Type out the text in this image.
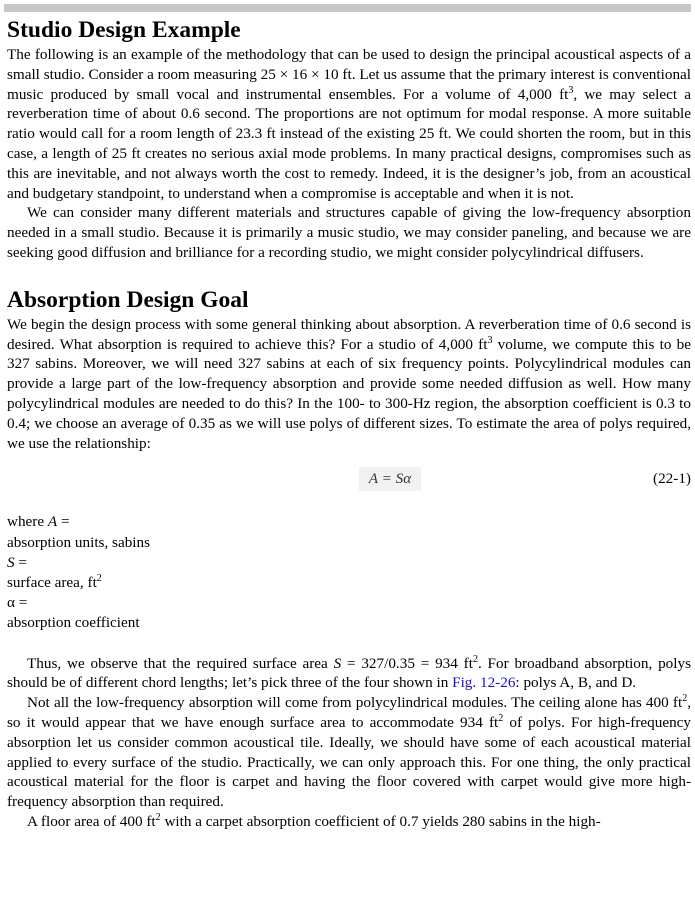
Studio Design Example

The following is an example of the methodology that can be used to design the principal acoustical aspects of a small studio. Consider a room measuring 25 × 16 × 10 ft. Let us assume that the primary interest is conventional music produced by small vocal and instrumental ensembles. For a volume of 4,000 $ft^3$, we may select a reverberation time of about 0.6 second. The proportions are not optimum for modal response. A more suitable ratio would call for a room length of 23.3 ft instead of the existing 25 ft. We could shorten the room, but in this case, a length of 25 ft creates no serious axial mode problems. In many practical designs, compromises such as this are inevitable, and not always worth the cost to remedy. Indeed, it is the designer’s job, from an acoustical and budgetary standpoint, to understand when a compromise is acceptable and when it is not.

We can consider many different materials and structures capable of giving the low-frequency absorption needed in a small studio. Because it is primarily a music studio, we may consider paneling, and because we are seeking good diffusion and brilliance for a recording studio, we might consider polycylindrical diffusers.

Absorption Design Goal

We begin the design process with some general thinking about absorption. A reverberation time of 0.6 second is desired. What absorption is required to achieve this? For a studio of 4,000 $ft^3$ volume, we compute this to be 327 sabins. Moreover, we will need 327 sabins at each of six frequency points. Polycylindrical modules can provide a large part of the low-frequency absorption and provide some needed diffusion as well. How many polycylindrical modules are needed to do this? In the 100- to 300-Hz region, the absorption coefficient is 0.3 to 0.4; we choose an average of 0.35 as we will use polys of different sizes. To estimate the area of polys required, we use the relationship:

A = Sα	(22-1)
where A =
absorption units, sabins
S =
surface area, $ft^2$
α =
absorption coefficient

Thus, we observe that the required surface area S = 327/0.35 = 934 $ft^2$. For broadband absorption, polys should be of different chord lengths; let’s pick three of the four shown in Fig. 12-26: polys A, B, and D.

Not all the low-frequency absorption will come from polycylindrical modules. The ceiling alone has 400 $ft^2$, so it would appear that we have enough surface area to accommodate 934 $ft^2$ of polys. For high-frequency absorption let us consider common acoustical tile. Ideally, we should have some of each acoustical material applied to every surface of the studio. Practically, we can only approach this. For one thing, the only practical acoustical material for the floor is carpet and having the floor covered with carpet would give more high-frequency absorption than required.

A floor area of 400 $ft^2$ with a carpet absorption coefficient of 0.7 yields 280 sabins in the high-
